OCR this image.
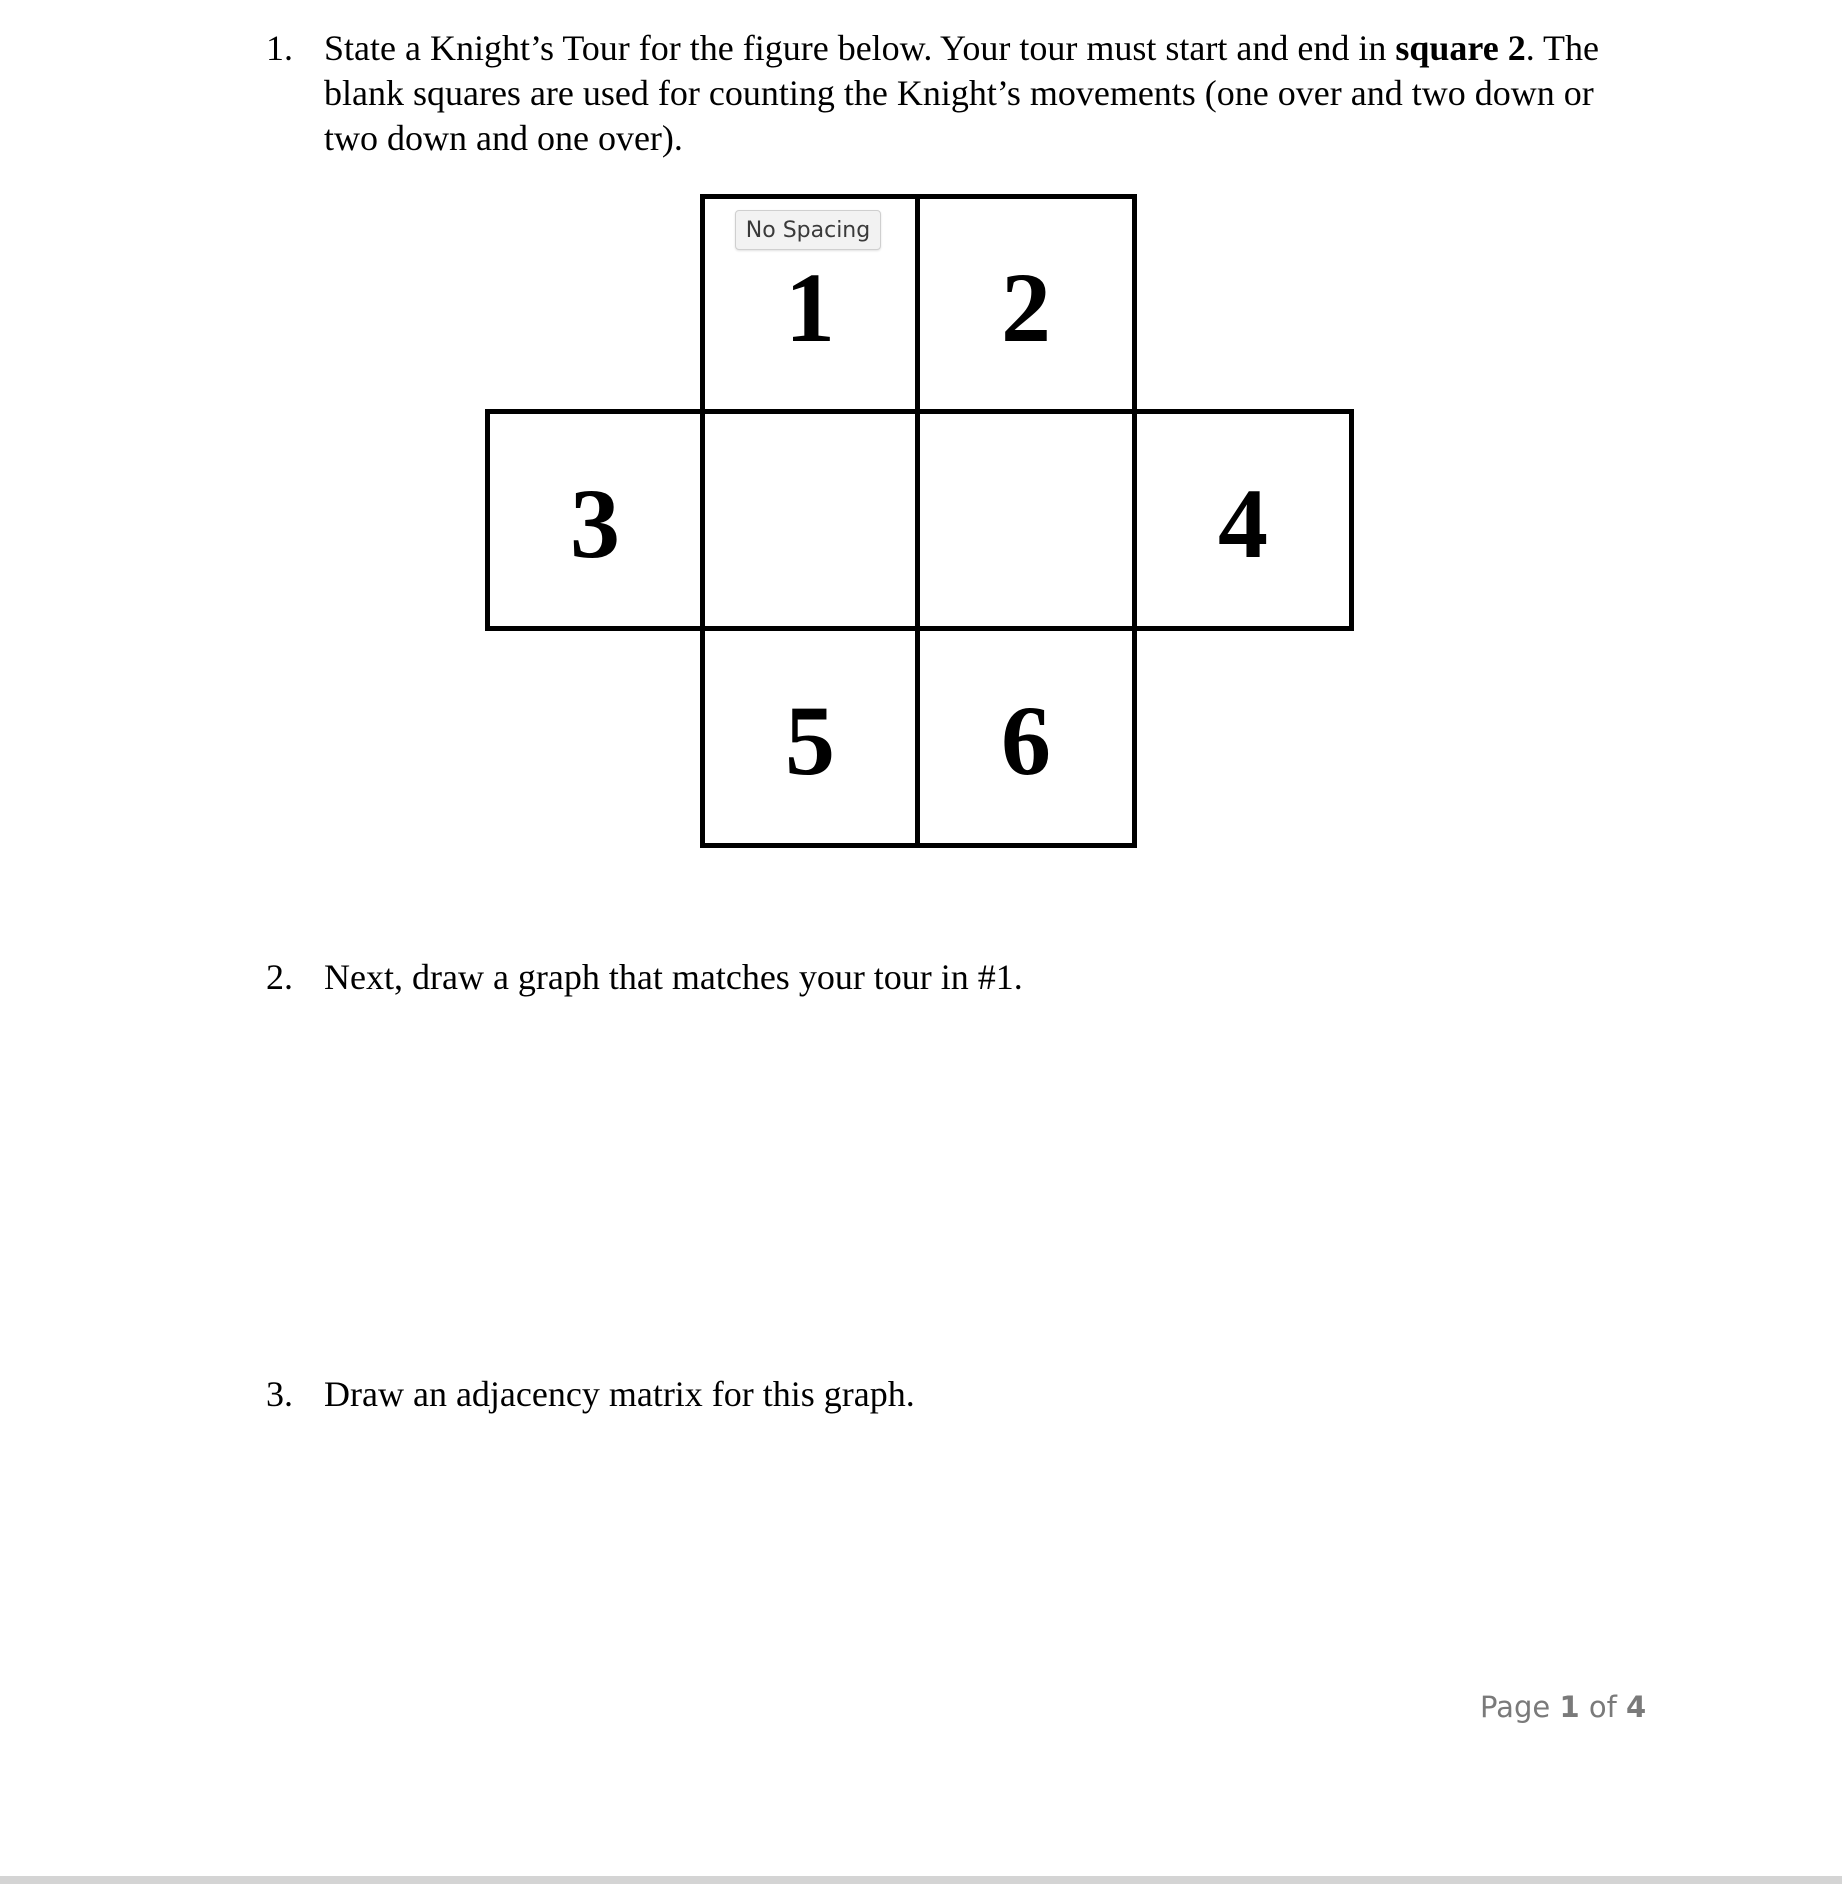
1. State a Knight’s Tour for the figure below. Your tour must start and end in square 2. The blank squares are used for counting the Knight’s movements (one over and two down or two down and one over).
1 2
3	4
5 6
No Spacing
2. Next, draw a graph that matches your tour in #1.
3. Draw an adjacency matrix for this graph.
Page 1 of 4
